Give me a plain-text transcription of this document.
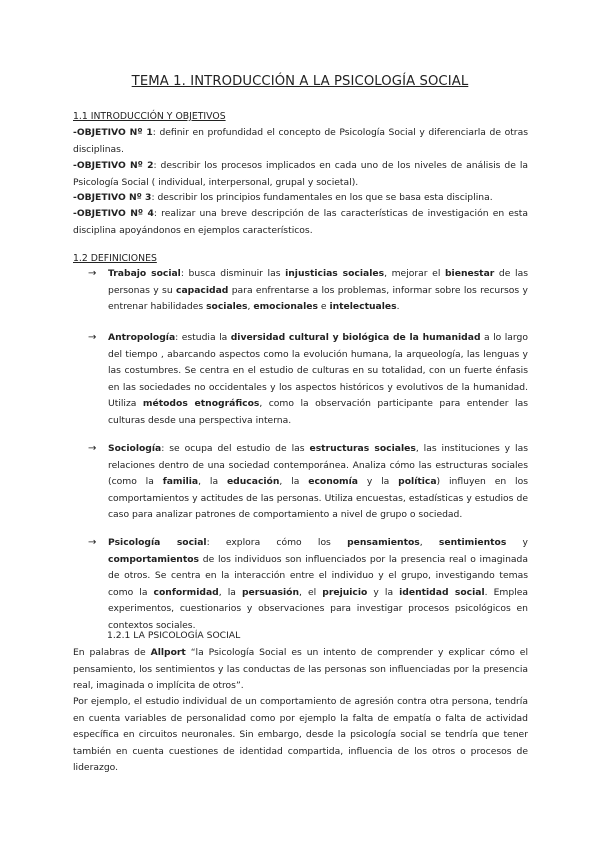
TEMA 1. INTRODUCCIÓN A LA PSICOLOGÍA SOCIAL
1.1 INTRODUCCIÓN Y OBJETIVOS
-OBJETIVO Nº 1: definir en profundidad el concepto de Psicología Social y diferenciarla de otras disciplinas.
-OBJETIVO Nº 2: describir los procesos implicados en cada uno de los niveles de análisis de la Psicología Social ( individual, interpersonal, grupal y societal).
-OBJETIVO Nº 3: describir los principios fundamentales en los que se basa esta disciplina.
-OBJETIVO Nº 4: realizar una breve descripción de las características de investigación en esta disciplina apoyándonos en ejemplos característicos.
1.2 DEFINICIONES
→ Trabajo social: busca disminuir las injusticias sociales, mejorar el bienestar de las personas y su capacidad para enfrentarse a los problemas, informar sobre los recursos y entrenar habilidades sociales, emocionales e intelectuales.
→ Antropología: estudia la diversidad cultural y biológica de la humanidad a lo largo del tiempo , abarcando aspectos como la evolución humana, la arqueología, las lenguas y las costumbres. Se centra en el estudio de culturas en su totalidad, con un fuerte énfasis en las sociedades no occidentales y los aspectos históricos y evolutivos de la humanidad. Utiliza métodos etnográficos, como la observación participante para entender las culturas desde una perspectiva interna.
→ Sociología: se ocupa del estudio de las estructuras sociales, las instituciones y las relaciones dentro de una sociedad contemporánea. Analiza cómo las estructuras sociales (como la familia, la educación, la economía y la política) influyen en los comportamientos y actitudes de las personas. Utiliza encuestas, estadísticas y estudios de caso para analizar patrones de comportamiento a nivel de grupo o sociedad.
→ Psicología social: explora cómo los pensamientos, sentimientos y comportamientos de los individuos son influenciados por la presencia real o imaginada de otros. Se centra en la interacción entre el individuo y el grupo, investigando temas como la conformidad, la persuasión, el prejuicio y la identidad social. Emplea experimentos, cuestionarios y observaciones para investigar procesos psicológicos en contextos sociales.
1.2.1 LA PSICOLOGÍA SOCIAL
En palabras de Allport “la Psicología Social es un intento de comprender y explicar cómo el pensamiento, los sentimientos y las conductas de las personas son influenciadas por la presencia real, imaginada o implícita de otros”.
Por ejemplo, el estudio individual de un comportamiento de agresión contra otra persona, tendría en cuenta variables de personalidad como por ejemplo la falta de empatía o falta de actividad específica en circuitos neuronales. Sin embargo, desde la psicología social se tendría que tener también en cuenta cuestiones de identidad compartida, influencia de los otros o procesos de liderazgo.
